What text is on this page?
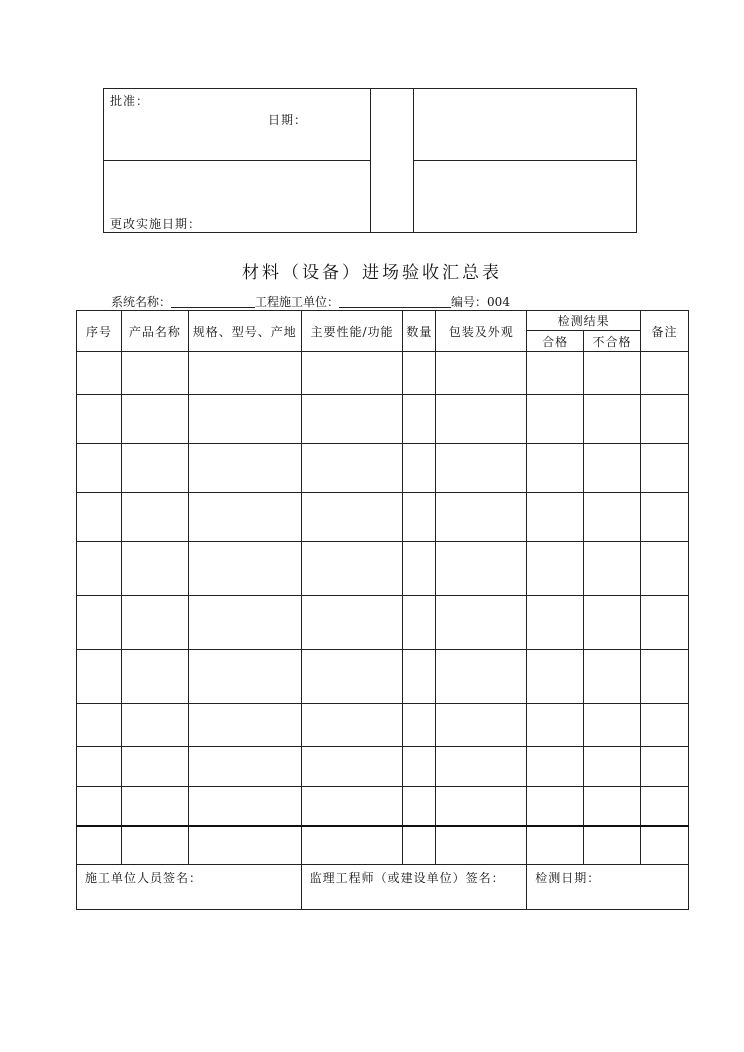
批准：
日期：
更改实施日期：
材料（设备）进场验收汇总表
系统名称：	工程施工单位：	编号：004
序号	产品名称	规格、型号、产地	主要性能/功能	数量	包装及外观	检测结果		备注
						合格	不合格	

施工单位人员签名：			监理工程师（或建设单位）签名：			检测日期：		
